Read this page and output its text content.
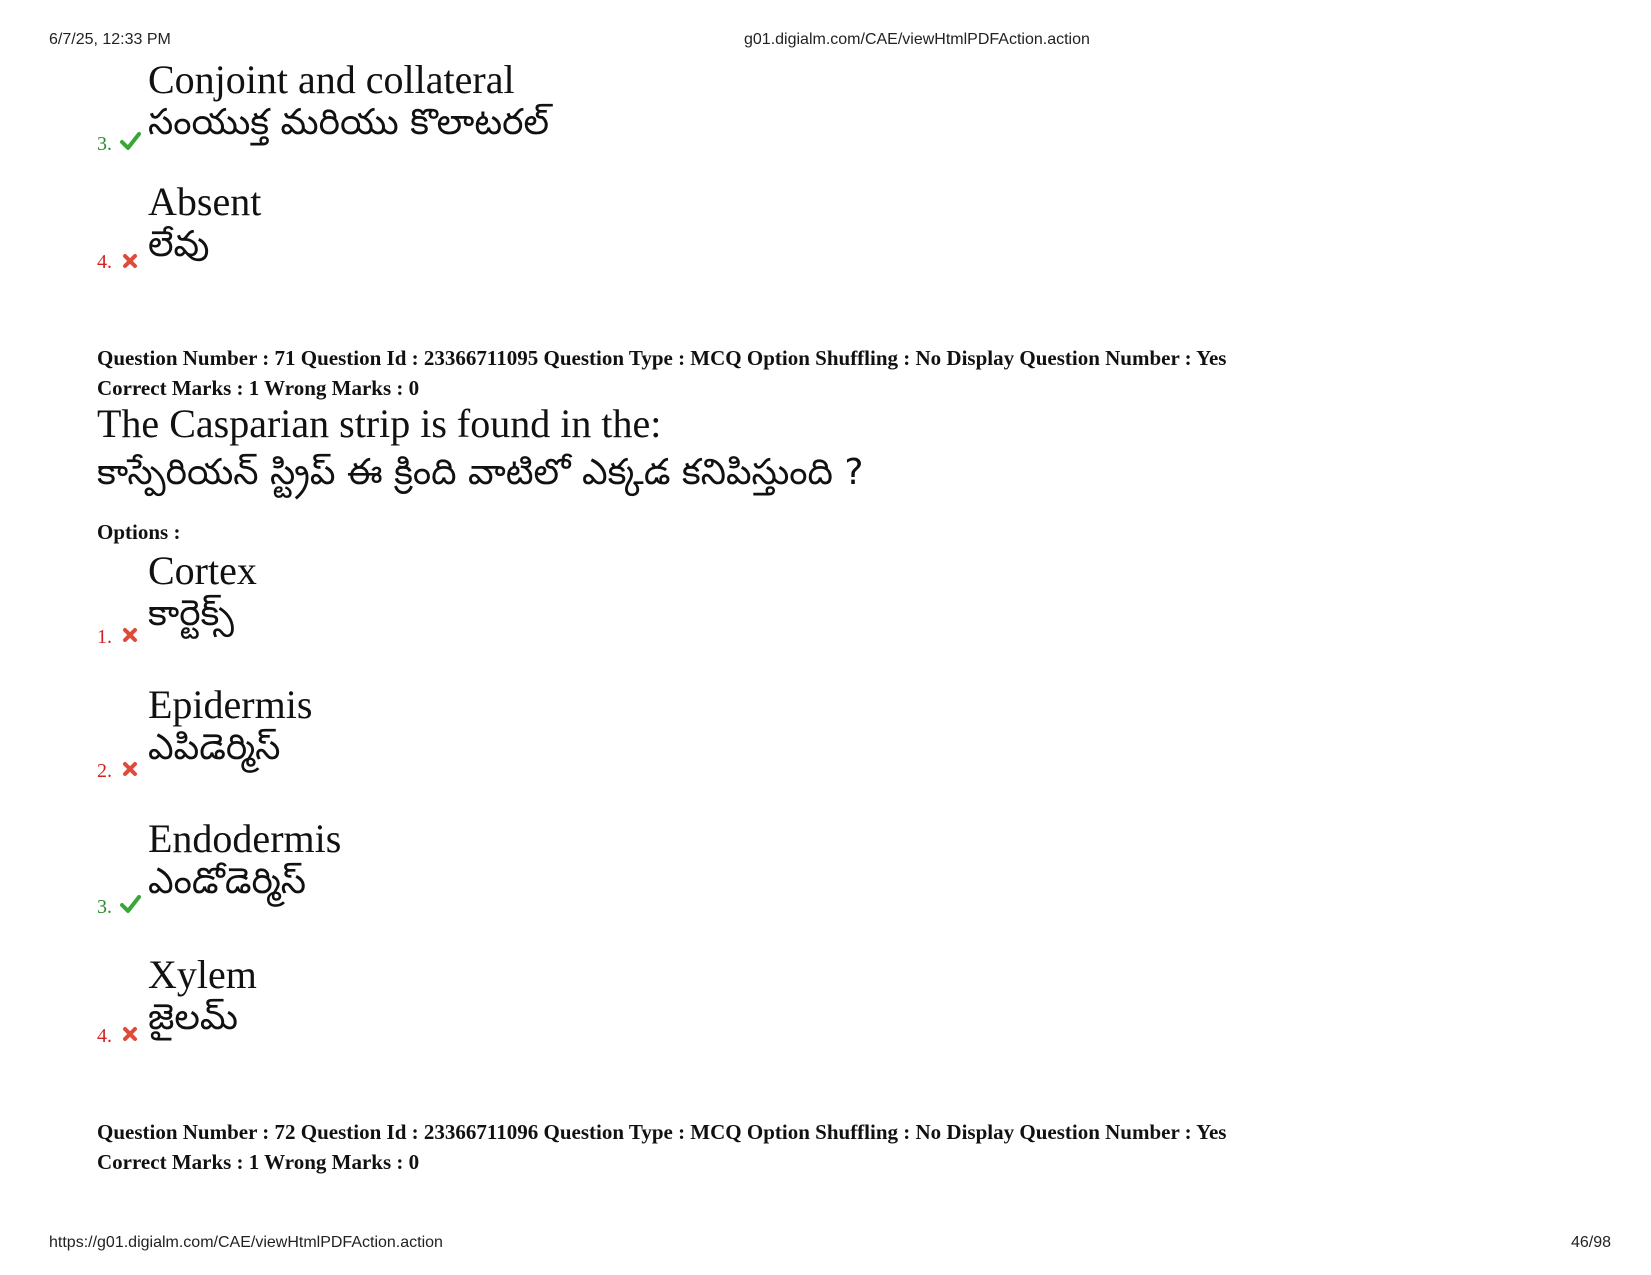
6/7/25, 12:33 PM	g01.digialm.com/CAE/viewHtmlPDFAction.action
Conjoint and collateral
సంయుక్త మరియు కొలాటరల్
3.
Absent
లేవు
4.
Question Number : 71 Question Id : 23366711095 Question Type : MCQ Option Shuffling : No Display Question Number : Yes
Correct Marks : 1 Wrong Marks : 0
The Casparian strip is found in the:
కాస్పేరియన్ స్ట్రిప్ ఈ క్రింది వాటిలో ఎక్కడ కనిపిస్తుంది ?
Options :
Cortex
కార్టెక్స్
1.
Epidermis
ఎపిడెర్మిస్
2.
Endodermis
ఎండోడెర్మిస్
3.
Xylem
జైలమ్
4.
Question Number : 72 Question Id : 23366711096 Question Type : MCQ Option Shuffling : No Display Question Number : Yes
Correct Marks : 1 Wrong Marks : 0
https://g01.digialm.com/CAE/viewHtmlPDFAction.action	46/98
